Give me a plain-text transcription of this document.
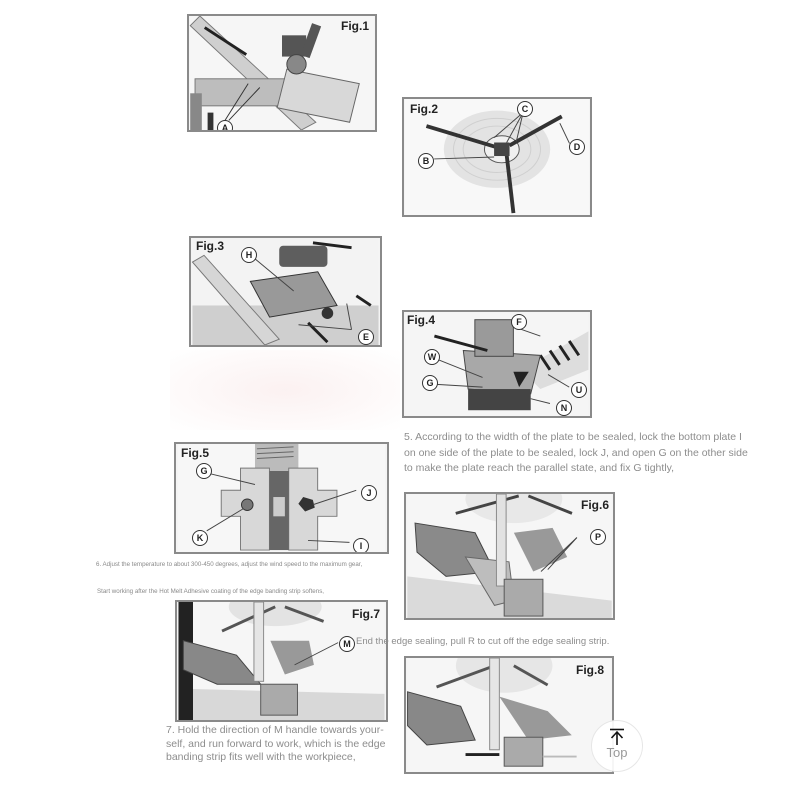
Fig.1
A
Fig.2	C
B
D
Fig.3
H
E
Fig.4	F
W
G
U
N
5. According to the width of the plate to be sealed, lock the bottom plate I on one side of the plate to be sealed, lock J, and open G on the other side to make the plate reach the parallel state, and fix G tightly,
Fig.5
G
J
K
I
Fig.6
P
6. Adjust the temperature to about 300-450 degrees, adjust the wind speed to the maximum gear,
Start working after the Hot Melt Adhesive coating of the edge banding strip softens,
Fig.7
M End the edge sealing, pull R to cut off the edge sealing strip.
Fig.8
7. Hold the direction of M handle towards your-self, and run forward to work, which is the edge banding strip fits well with the workpiece,	Top
